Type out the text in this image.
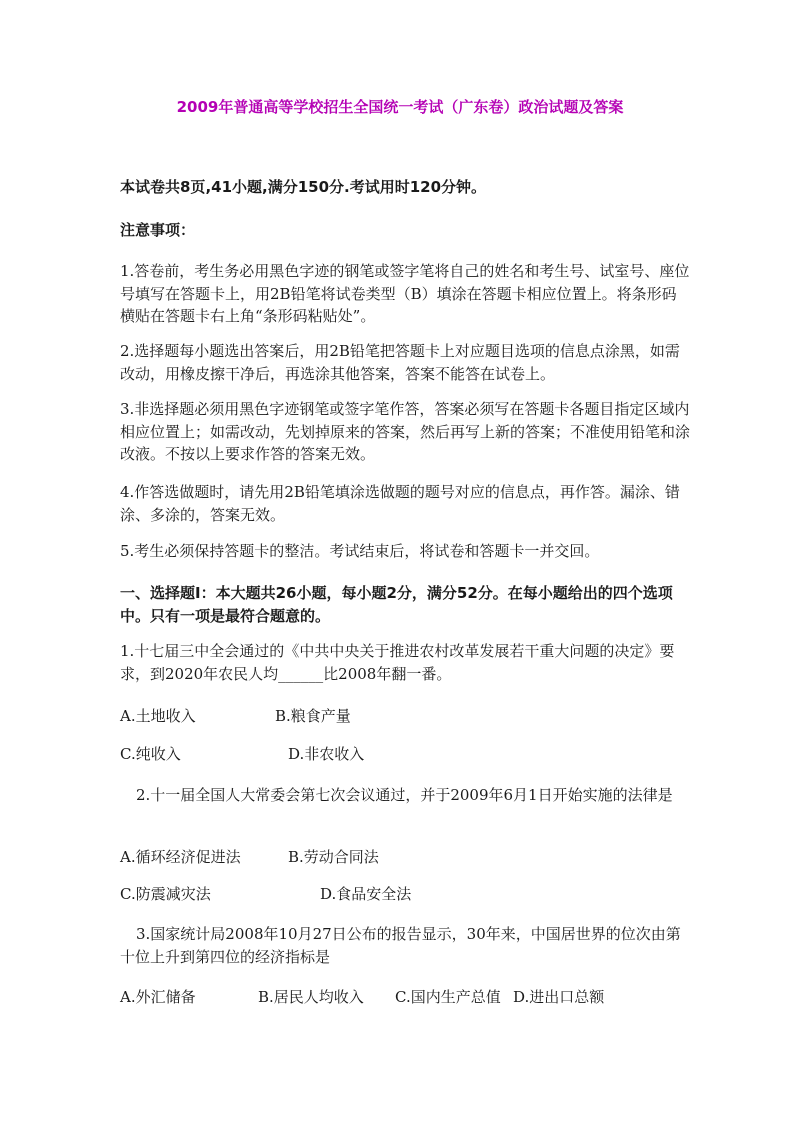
2009年普通高等学校招生全国统一考试（广东卷）政治试题及答案

本试卷共8页,41小题,满分150分.考试用时120分钟。

注意事项：

1.答卷前，考生务必用黑色字迹的钢笔或签字笔将自己的姓名和考生号、试室号、座位号填写在答题卡上，用2B铅笔将试卷类型（B）填涂在答题卡相应位置上。将条形码横贴在答题卡右上角“条形码粘贴处”。

2.选择题每小题选出答案后，用2B铅笔把答题卡上对应题目选项的信息点涂黑，如需改动，用橡皮擦干净后，再选涂其他答案，答案不能答在试卷上。

3.非选择题必须用黑色字迹钢笔或签字笔作答，答案必须写在答题卡各题目指定区域内相应位置上；如需改动，先划掉原来的答案，然后再写上新的答案；不准使用铅笔和涂改液。不按以上要求作答的答案无效。

4.作答选做题时，请先用2B铅笔填涂选做题的题号对应的信息点，再作答。漏涂、错涂、多涂的，答案无效。

5.考生必须保持答题卡的整洁。考试结束后，将试卷和答题卡一并交回。

一、选择题Ⅰ：本大题共26小题，每小题2分，满分52分。在每小题给出的四个选项中。只有一项是最符合题意的。

1.十七届三中全会通过的《中共中央关于推进农村改革发展若干重大问题的决定》要求，到2020年农民人均______比2008年翻一番。

A.土地收入	B.粮食产量
C.纯收入	D.非农收入

2.十一届全国人大常委会第七次会议通过，并于2009年6月1日开始实施的法律是

A.循环经济促进法	B.劳动合同法
C.防震减灾法	D.食品安全法

3.国家统计局2008年10月27日公布的报告显示，30年来，中国居世界的位次由第十位上升到第四位的经济指标是

A.外汇储备	B.居民人均收入 C.国内生产总值 D.进出口总额
